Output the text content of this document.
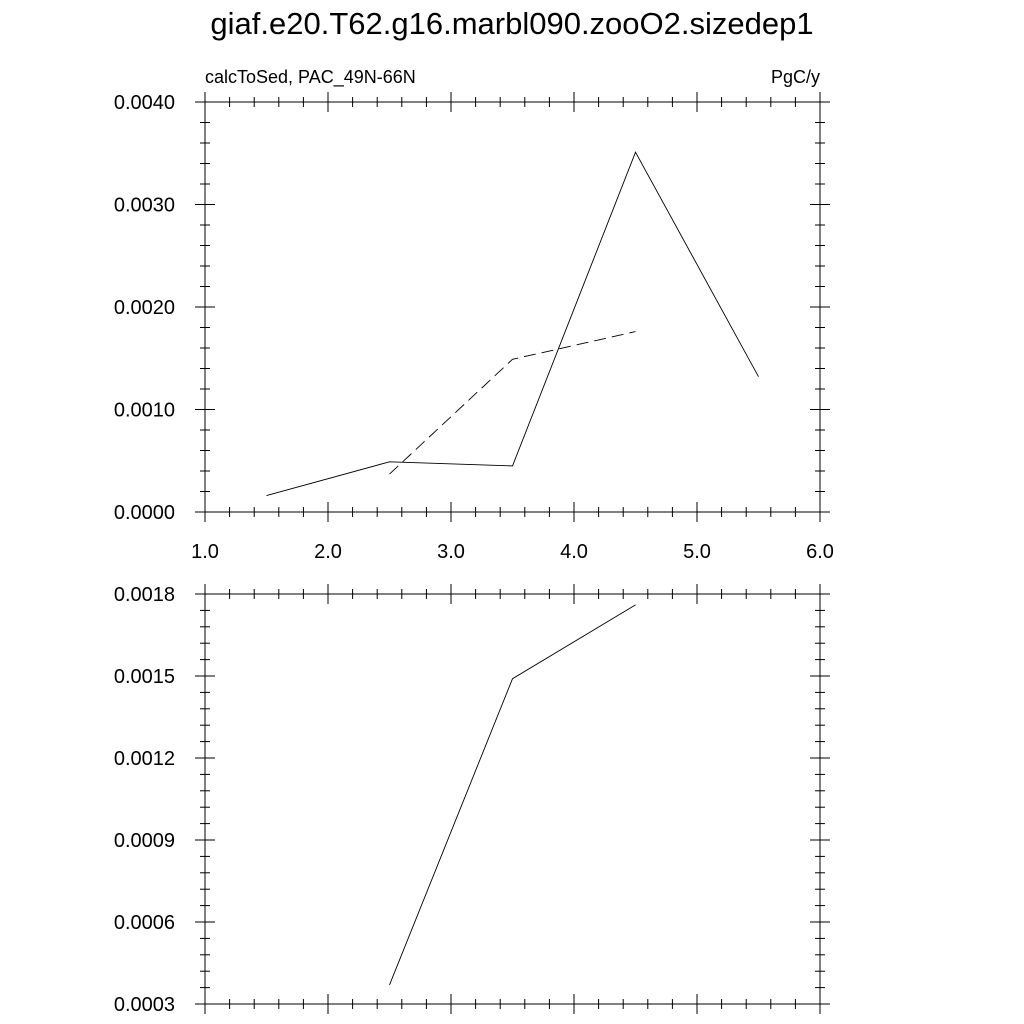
giaf.e20.T62.g16.marbl090.zooO2.sizedep1
calcToSed, PAC_49N-66N	PgC/y
1.0	2.0	3.0	4.0	5.0	6.0
0.0000
0.0010
0.0020
0.0030
0.0040
0.0003
0.0006
0.0009
0.0012
0.0015
0.0018
